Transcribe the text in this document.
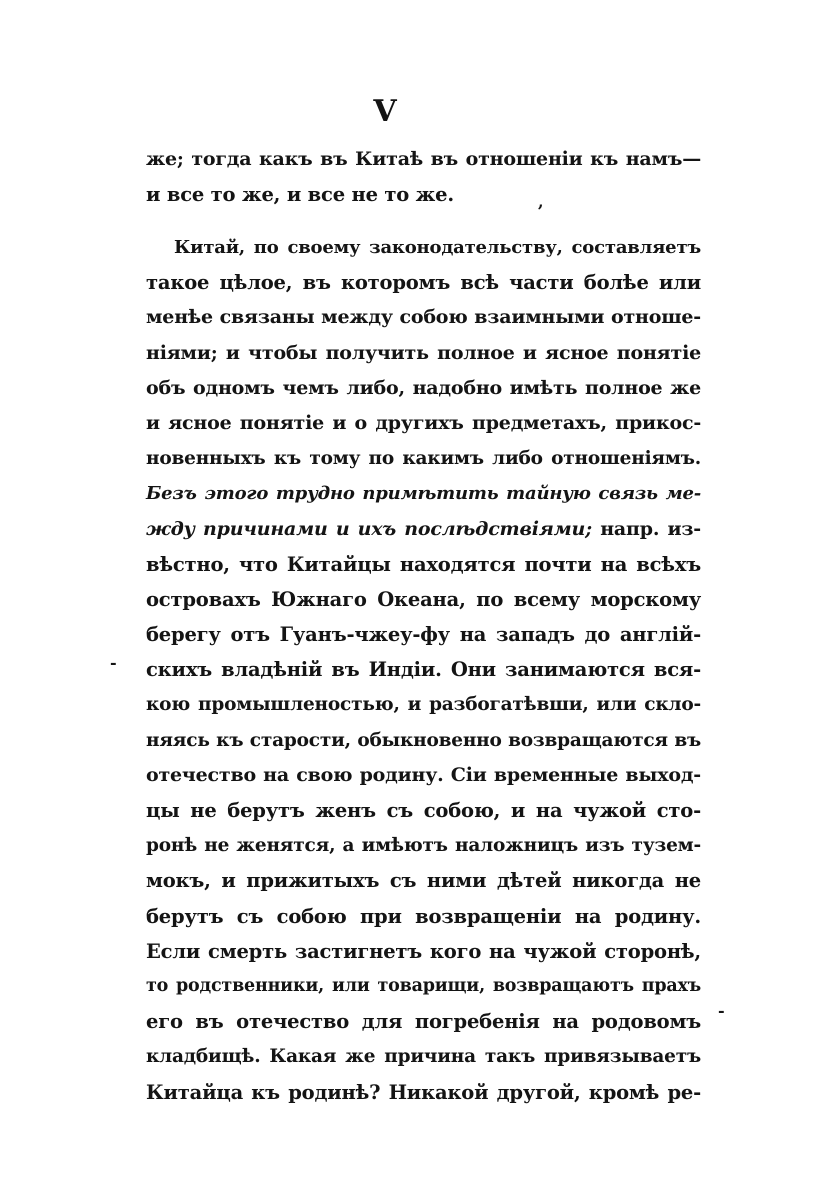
V
же; тогда какъ въ Китаѣ въ отношеніи къ намъ—
и все то же, и все не то же.
Китай, по своему законодательству, составляетъ
такое цѣлое, въ которомъ всѣ части болѣе или
менѣе связаны между собою взаимными отноше-
ніями; и чтобы получить полное и ясное понятіе
объ одномъ чемъ либо, надобно имѣть полное же
и ясное понятіе и о другихъ предметахъ, прикос-
новенныхъ къ тому по какимъ либо отношеніямъ.
Безъ этого трудно примѣтить тайную связь ме-
жду причинами и ихъ послѣдствіями; напр. из-
вѣстно, что Китайцы находятся почти на всѣхъ
островахъ Южнаго Океана, по всему морскому
берегу отъ Гуанъ-чжеу-фу на западъ до англій-
скихъ владѣній въ Индіи. Они занимаются вся-
кою промышленостью, и разбогатѣвши, или скло-
няясь къ старости, обыкновенно возвращаются въ
отечество на свою родину. Сіи временные выход-
цы не берутъ женъ съ собою, и на чужой сто-
ронѣ не женятся, а имѣютъ наложницъ изъ тузем-
мокъ, и прижитыхъ съ ними дѣтей никогда не
берутъ съ собою при возвращеніи на родину.
Если смерть застигнетъ кого на чужой сторонѣ,
то родственники, или товарищи, возвращаютъ прахъ
его въ отечество для погребенія на родовомъ
кладбищѣ. Какая же причина такъ привязываетъ
Китайца къ родинѣ? Никакой другой, кромѣ ре-
,
-
-
